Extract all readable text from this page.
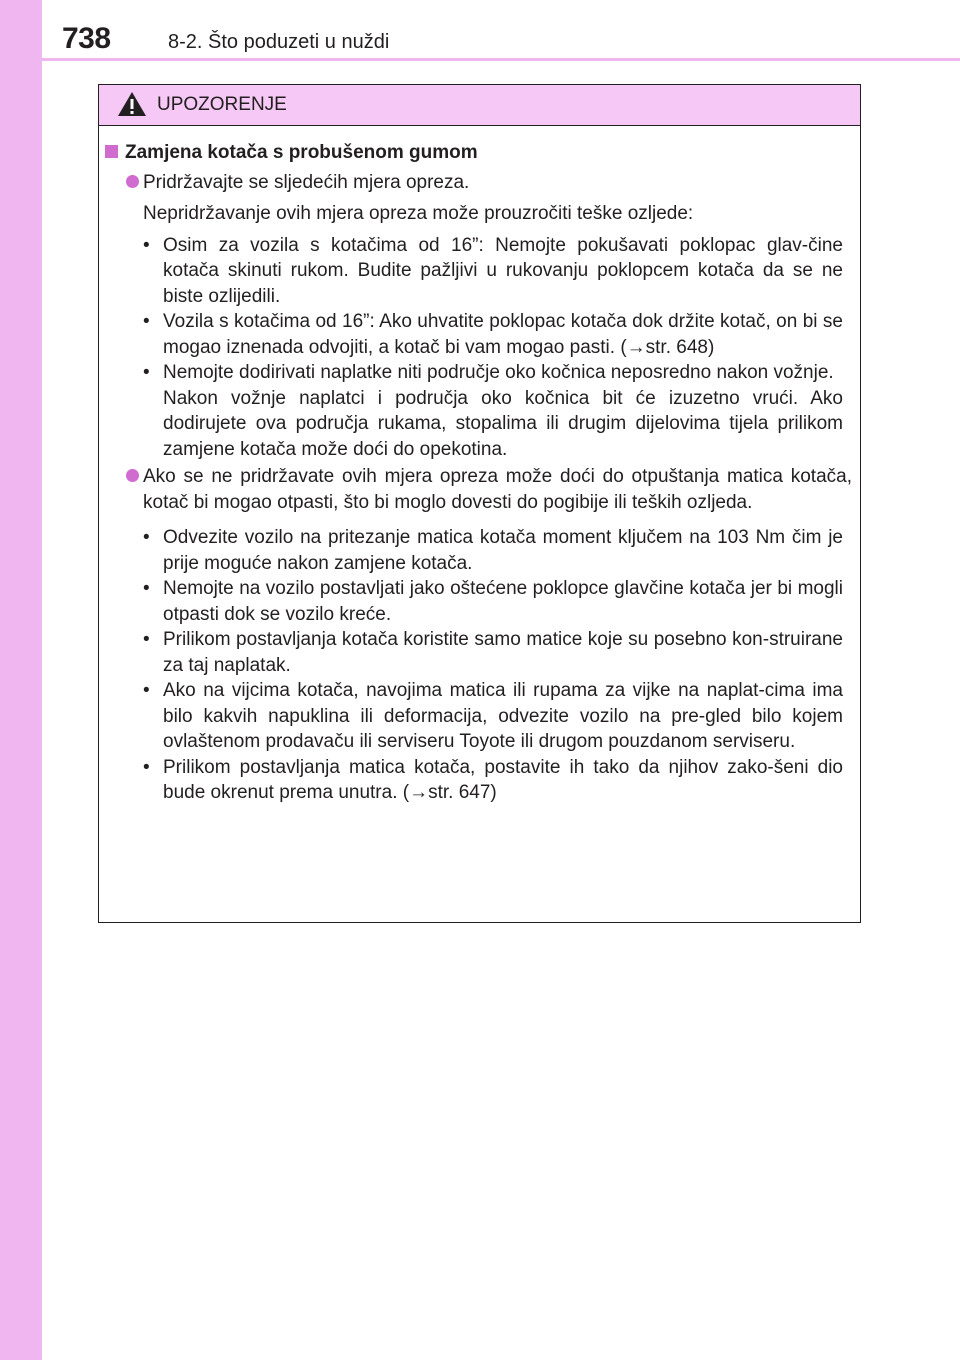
738	8-2. Što poduzeti u nuždi
UPOZORENJE
Zamjena kotača s probušenom gumom
Pridržavajte se sljedećih mjera opreza.
Nepridržavanje ovih mjera opreza može prouzročiti teške ozljede:
• Osim za vozila s kotačima od 16”: Nemojte pokušavati poklopac glav-čine kotača skinuti rukom. Budite pažljivi u rukovanju poklopcem kotača da se ne biste ozlijedili.
• Vozila s kotačima od 16”: Ako uhvatite poklopac kotača dok držite kotač, on bi se mogao iznenada odvojiti, a kotač bi vam mogao pasti. (→str. 648)
• Nemojte dodirivati naplatke niti područje oko kočnica neposredno nakon vožnje.
Nakon vožnje naplatci i područja oko kočnica bit će izuzetno vrući. Ako dodirujete ova područja rukama, stopalima ili drugim dijelovima tijela prilikom zamjene kotača može doći do opekotina.
Ako se ne pridržavate ovih mjera opreza može doći do otpuštanja matica kotača, kotač bi mogao otpasti, što bi moglo dovesti do pogibije ili teških ozljeda.
• Odvezite vozilo na pritezanje matica kotača moment ključem na 103 Nm čim je prije moguće nakon zamjene kotača.
• Nemojte na vozilo postavljati jako oštećene poklopce glavčine kotača jer bi mogli otpasti dok se vozilo kreće.
• Prilikom postavljanja kotača koristite samo matice koje su posebno kon-struirane za taj naplatak.
• Ako na vijcima kotača, navojima matica ili rupama za vijke na naplat-cima ima bilo kakvih napuklina ili deformacija, odvezite vozilo na pre-gled bilo kojem ovlaštenom prodavaču ili serviseru Toyote ili drugom pouzdanom serviseru.
• Prilikom postavljanja matica kotača, postavite ih tako da njihov zako-šeni dio bude okrenut prema unutra. (→str. 647)
